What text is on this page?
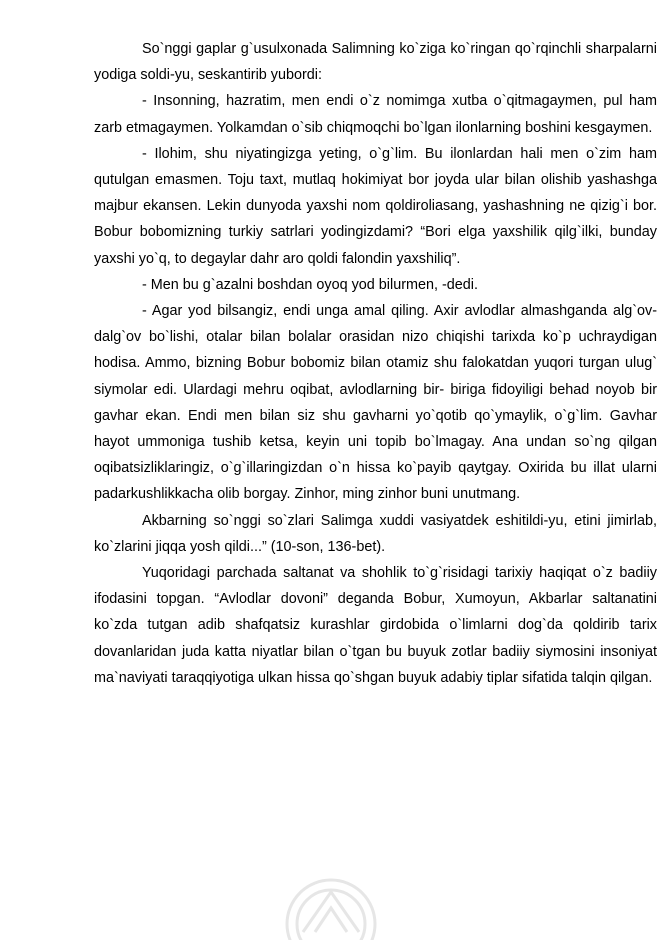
So`nggi gaplar g`usulxonada Salimning ko`ziga ko`ringan qo`rqinchli sharpalarni yodiga soldi-yu, seskantirib yubordi:

- Insonning, hazratim, men endi o`z nomimga xutba o`qitmagaymen, pul ham zarb etmagaymen. Yolkamdan o`sib chiqmoqchi bo`lgan ilonlarning boshini kesgaymen.

- Ilohim, shu niyatingizga yeting, o`g`lim. Bu ilonlardan hali men o`zim ham qutulgan emasmen. Toju taxt, mutlaq hokimiyat bor joyda ular bilan olishib yashashga majbur ekansen. Lekin dunyoda yaxshi nom qoldiroliasang, yashashning ne qizig`i bor. Bobur bobomizning turkiy satrlari yodingizdami? “Bori elga yaxshilik qilg`ilki, bunday yaxshi yo`q, to degaylar dahr aro qoldi falondin yaxshiliq”.

- Men bu g`azalni boshdan oyoq yod bilurmen, -dedi.

- Agar yod bilsangiz, endi unga amal qiling. Axir avlodlar almashganda alg`ov- dalg`ov bo`lishi, otalar bilan bolalar orasidan nizo chiqishi tarixda ko`p uchraydigan hodisa. Ammo, bizning Bobur bobomiz bilan otamiz shu falokatdan yuqori turgan ulug` siymolar edi. Ulardagi mehru oqibat, avlodlarning bir- biriga fidoyiligi behad noyob bir gavhar ekan. Endi men bilan siz shu gavharni yo`qotib qo`ymaylik, o`g`lim. Gavhar hayot ummoniga tushib ketsa, keyin uni topib bo`lmagay. Ana undan so`ng qilgan oqibatsizliklaringiz, o`g`illaringizdan o`n hissa ko`payib qaytgay. Oxirida bu illat ularni padarkushlikkacha olib borgay. Zinhor, ming zinhor buni unutmang.

Akbarning so`nggi so`zlari Salimga xuddi vasiyatdek eshitildi-yu, etini jimirlab, ko`zlarini jiqqa yosh qildi...” (10-son, 136-bet).

Yuqoridagi parchada saltanat va shohlik to`g`risidagi tarixiy haqiqat o`z badiiy ifodasini topgan. “Avlodlar dovoni” deganda Bobur, Xumoyun, Akbarlar saltanatini ko`zda tutgan adib shafqatsiz kurashlar girdobida o`limlarni dog`da qoldirib tarix dovanlaridan juda katta niyatlar bilan o`tgan bu buyuk zotlar badiiy siymosini insoniyat ma`naviyati taraqqiyotiga ulkan hissa qo`shgan buyuk adabiy tiplar sifatida talqin qilgan.
